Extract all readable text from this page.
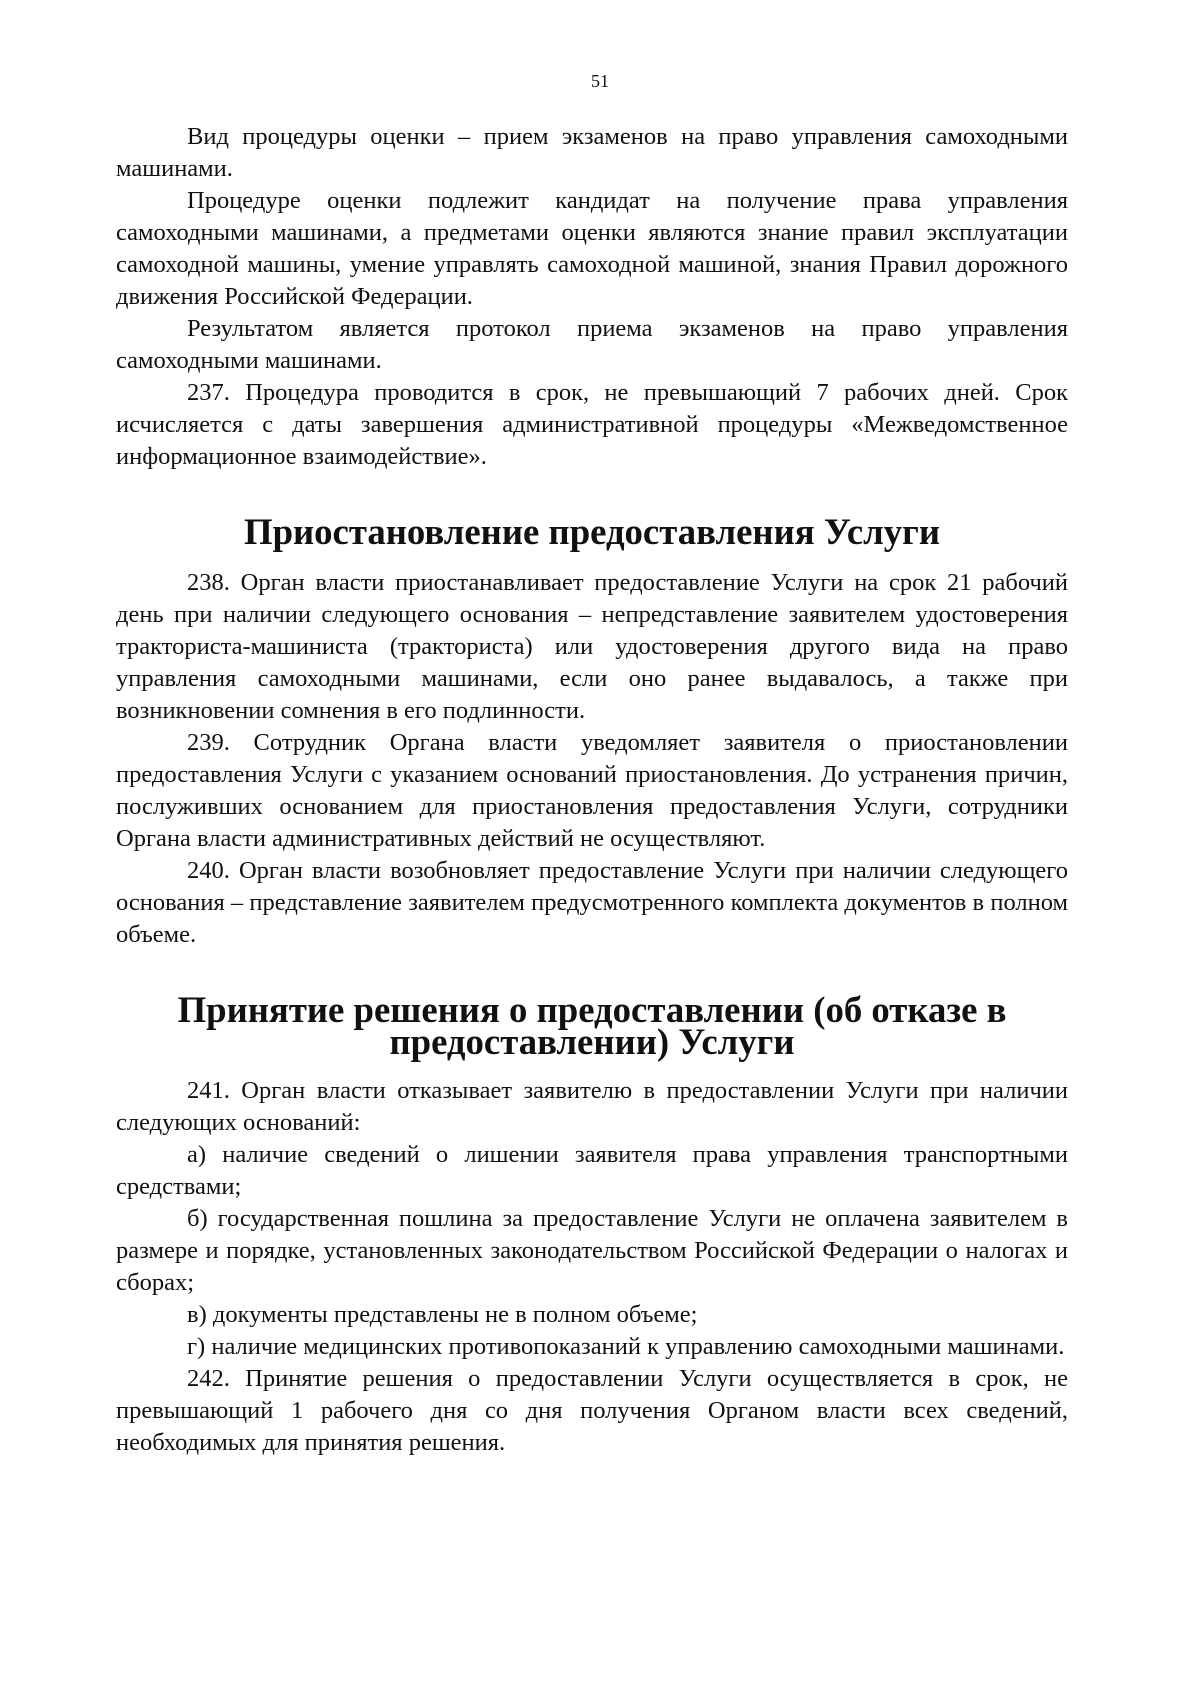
51

Вид процедуры оценки – прием экзаменов на право управления самоходными машинами.

Процедуре оценки подлежит кандидат на получение права управления самоходными машинами, а предметами оценки являются знание правил эксплуатации самоходной машины, умение управлять самоходной машиной, знания Правил дорожного движения Российской Федерации.

Результатом является протокол приема экзаменов на право управления самоходными машинами.

237. Процедура проводится в срок, не превышающий 7 рабочих дней. Срок исчисляется с даты завершения административной процедуры «Межведомственное информационное взаимодействие».

Приостановление предоставления Услуги

238. Орган власти приостанавливает предоставление Услуги на срок 21 рабочий день при наличии следующего основания – непредставление заявителем удостоверения тракториста-машиниста (тракториста) или удостоверения другого вида на право управления самоходными машинами, если оно ранее выдавалось, а также при возникновении сомнения в его подлинности.

239. Сотрудник Органа власти уведомляет заявителя о приостановлении предоставления Услуги с указанием оснований приостановления. До устранения причин, послуживших основанием для приостановления предоставления Услуги, сотрудники Органа власти административных действий не осуществляют.

240. Орган власти возобновляет предоставление Услуги при наличии следующего основания – представление заявителем предусмотренного комплекта документов в полном объеме.

Принятие решения о предоставлении (об отказе в предоставлении) Услуги

241. Орган власти отказывает заявителю в предоставлении Услуги при наличии следующих оснований:

а) наличие сведений о лишении заявителя права управления транспортными средствами;

б) государственная пошлина за предоставление Услуги не оплачена заявителем в размере и порядке, установленных законодательством Российской Федерации о налогах и сборах;

в) документы представлены не в полном объеме;

г) наличие медицинских противопоказаний к управлению самоходными машинами.

242. Принятие решения о предоставлении Услуги осуществляется в срок, не превышающий 1 рабочего дня со дня получения Органом власти всех сведений, необходимых для принятия решения.
